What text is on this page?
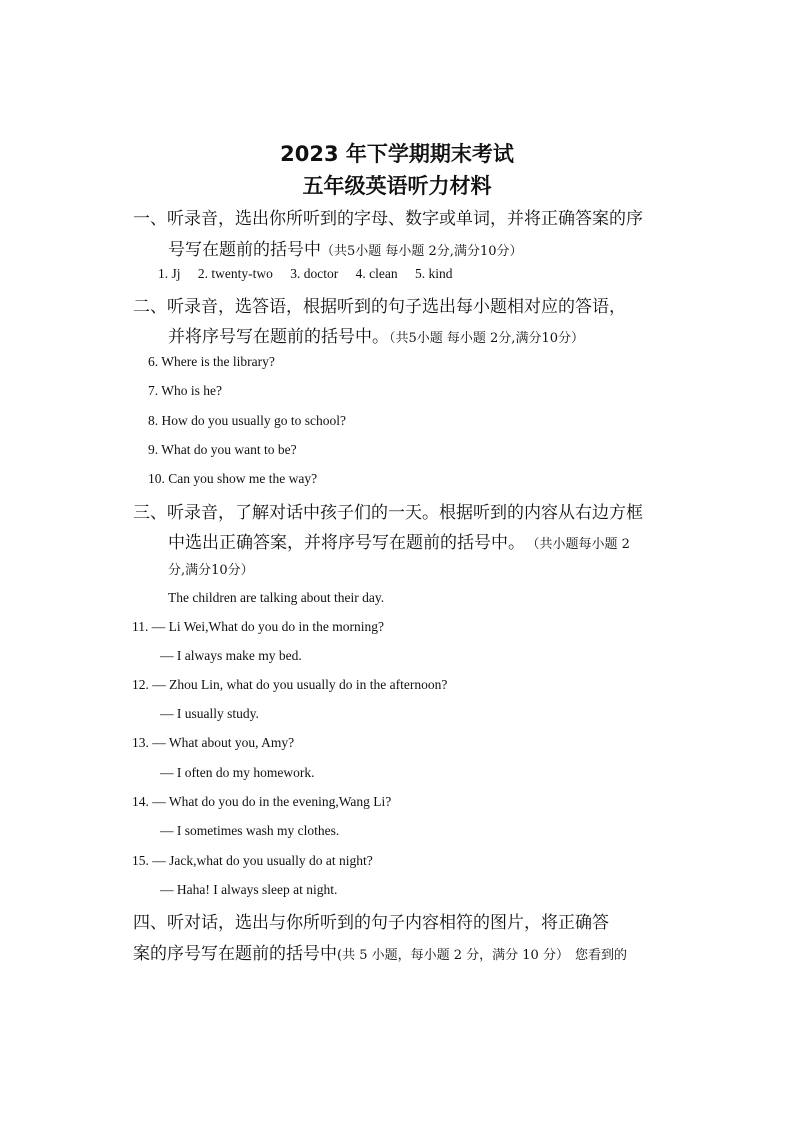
2023 年下学期期末考试
五年级英语听力材料
一、听录音，选出你所听到的字母、数字或单词，并将正确答案的序
号写在题前的括号中（共5小题 每小题 2分,满分10分）
1. Jj 2. twenty-two 3. doctor 4. clean 5. kind
二、听录音，选答语，根据听到的句子选出每小题相对应的答语，
并将序号写在题前的括号中。（共5小题 每小题 2分,满分10分）
6. Where is the library?
7. Who is he?
8. How do you usually go to school?
9. What do you want to be?
10. Can you show me the way?
三、听录音，了解对话中孩子们的一天。根据听到的内容从右边方框
中选出正确答案，并将序号写在题前的括号中。 （共小题每小题 2
分,满分10分）
The children are talking about their day.
11. — Li Wei,What do you do in the morning?
— I always make my bed.
12. — Zhou Lin, what do you usually do in the afternoon?
— I usually study.
13. — What about you, Amy?
— I often do my homework.
14. — What do you do in the evening,Wang Li?
— I sometimes wash my clothes.
15. — Jack,what do you usually do at night?
— Haha! I always sleep at night.
四、听对话，选出与你所听到的句子内容相符的图片，将正确答
案的序号写在题前的括号中(共 5 小题，每小题 2 分，满分 10 分） 您看到的
